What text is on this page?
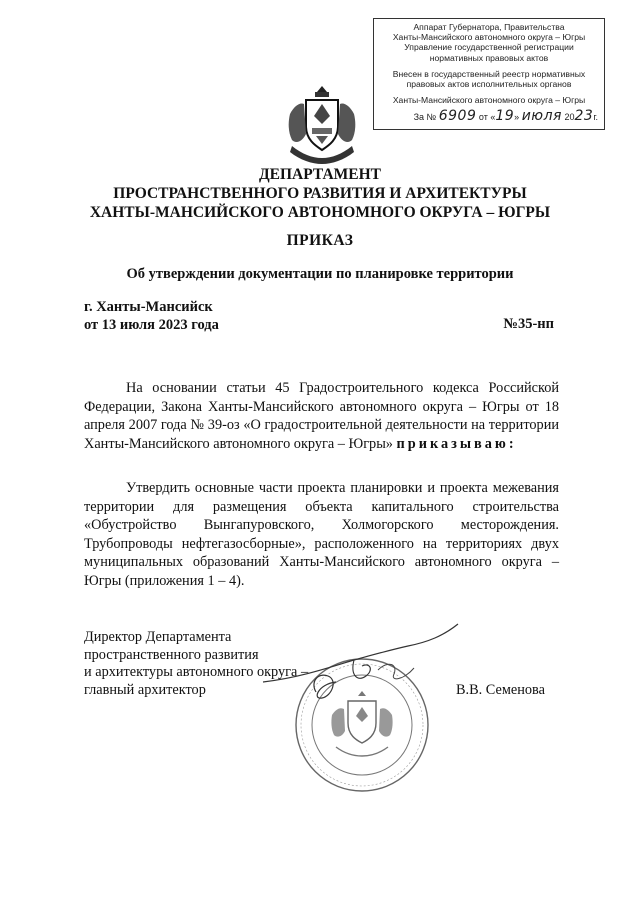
Аппарат Губернатора, Правительства
Ханты-Мансийского автономного округа – Югры
Управление государственной регистрации
нормативных правовых актов
Внесен в государственный реестр нормативных
правовых актов исполнительных органов
Ханты-Мансийского автономного округа – Югры
За № 6909 от «19» июля 2023г.
ДЕПАРТАМЕНТ
ПРОСТРАНСТВЕННОГО РАЗВИТИЯ И АРХИТЕКТУРЫ
ХАНТЫ-МАНСИЙСКОГО АВТОНОМНОГО ОКРУГА – ЮГРЫ
ПРИКАЗ
Об утверждении документации по планировке территории
г. Ханты-Мансийск
от 13 июля 2023 года	№35-нп

На основании статьи 45 Градостроительного кодекса Российской Федерации, Закона Ханты-Мансийского автономного округа – Югры от 18 апреля 2007 года № 39-оз «О градостроительной деятельности на территории Ханты-Мансийского автономного округа – Югры» приказываю:

Утвердить основные части проекта планировки и проекта межевания территории для размещения объекта капитального строительства «Обустройство Вынгапуровского, Холмогорского месторождения. Трубопроводы нефтегазосборные», расположенного на территориях двух муниципальных образований Ханты-Мансийского автономного округа – Югры (приложения 1 – 4).

Директор Департамента
пространственного развития
и архитектуры автономного округа –
главный архитектор	В.В. Семенова
